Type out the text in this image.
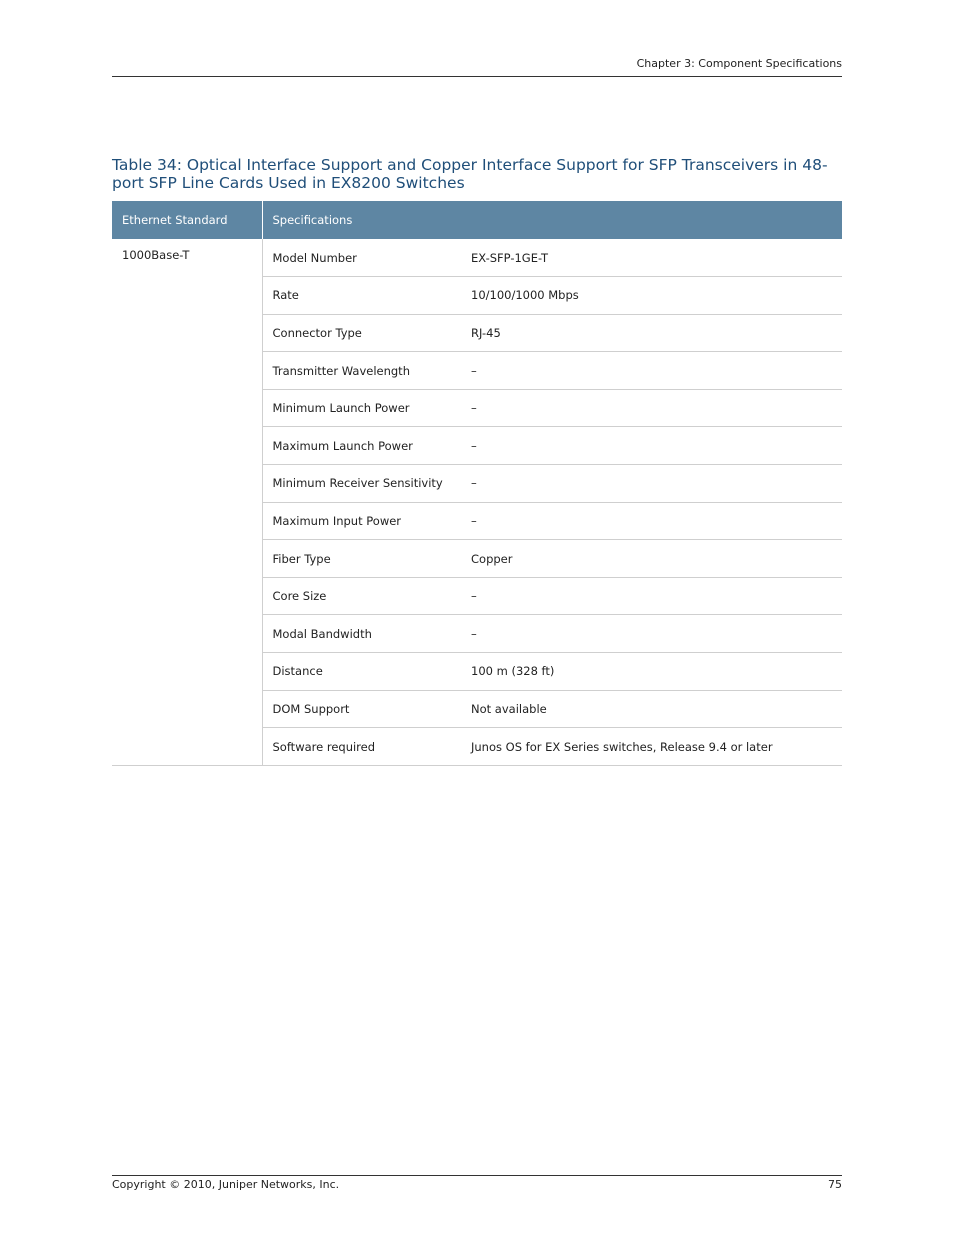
Chapter 3: Component Specifications
Table 34: Optical Interface Support and Copper Interface Support for SFP Transceivers in 48-port SFP Line Cards Used in EX8200 Switches
Ethernet Standard	Specifications	
1000Base-T	Model Number	EX-SFP-1GE-T
	Rate	10/100/1000 Mbps
	Connector Type	RJ-45
	Transmitter Wavelength	–
	Minimum Launch Power	–
	Maximum Launch Power	–
	Minimum Receiver Sensitivity	–
	Maximum Input Power	–
	Fiber Type	Copper
	Core Size	–
	Modal Bandwidth	–
	Distance	100 m (328 ft)
	DOM Support	Not available
	Software required	Junos OS for EX Series switches, Release 9.4 or later
Copyright © 2010, Juniper Networks, Inc.	75
